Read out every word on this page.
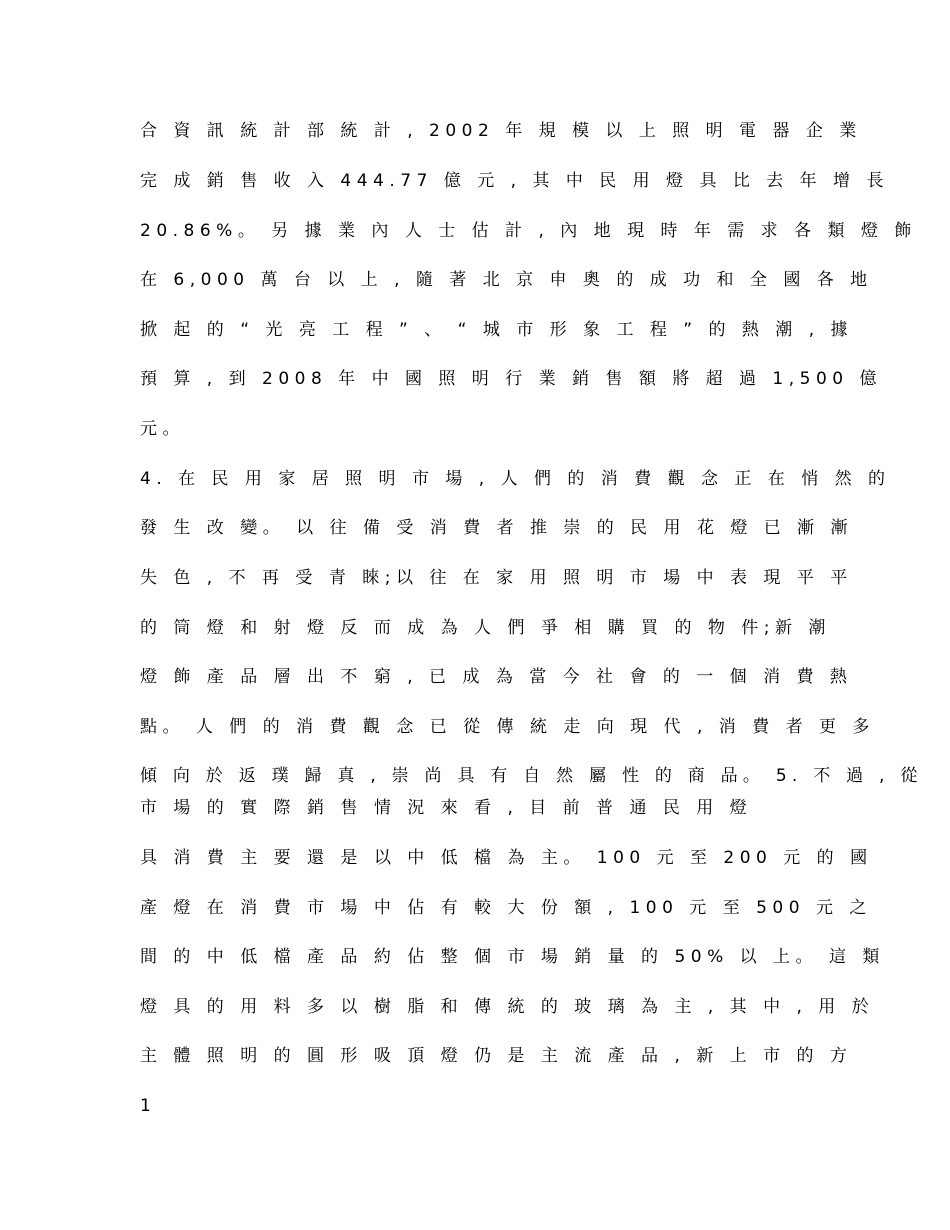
合 資 訊 統 計 部 統 計 , 2002 年 規 模 以 上 照 明 電 器 企 業
完 成 銷 售 收 入 444.77 億 元 , 其 中 民 用 燈 具 比 去 年 增 長
20.86%。 另 據 業 內 人 士 估 計 , 內 地 現 時 年 需 求 各 類 燈 飾
在 6,000 萬 台 以 上 , 隨 著 北 京 申 奧 的 成 功 和 全 國 各 地
掀 起 的 “ 光 亮 工 程 ” 、 “ 城 市 形 象 工 程 ” 的 熱 潮 , 據
預 算 , 到 2008 年 中 國 照 明 行 業 銷 售 額 將 超 過 1,500 億
元。
4. 在 民 用 家 居 照 明 市 場 , 人 們 的 消 費 觀 念 正 在 悄 然 的
發 生 改 變。 以 往 備 受 消 費 者 推 崇 的 民 用 花 燈 已 漸 漸
失 色 , 不 再 受 青 睞;以 往 在 家 用 照 明 市 場 中 表 現 平 平
的 筒 燈 和 射 燈 反 而 成 為 人 們 爭 相 購 買 的 物 件;新 潮
燈 飾 產 品 層 出 不 窮 , 已 成 為 當 今 社 會 的 一 個 消 費 熱
點。 人 們 的 消 費 觀 念 已 從 傳 統 走 向 現 代 , 消 費 者 更 多
傾 向 於 返 璞 歸 真 , 崇 尚 具 有 自 然 屬 性 的 商 品。 5. 不 過 , 從
市 場 的 實 際 銷 售 情 況 來 看 , 目 前 普 通 民 用 燈
具 消 費 主 要 還 是 以 中 低 檔 為 主。 100 元 至 200 元 的 國
產 燈 在 消 費 市 場 中 佔 有 較 大 份 額 , 100 元 至 500 元 之
間 的 中 低 檔 產 品 約 佔 整 個 市 場 銷 量 的 50% 以 上。 這 類
燈 具 的 用 料 多 以 樹 脂 和 傳 統 的 玻 璃 為 主 , 其 中 , 用 於
主 體 照 明 的 圓 形 吸 頂 燈 仍 是 主 流 產 品 , 新 上 市 的 方
1
